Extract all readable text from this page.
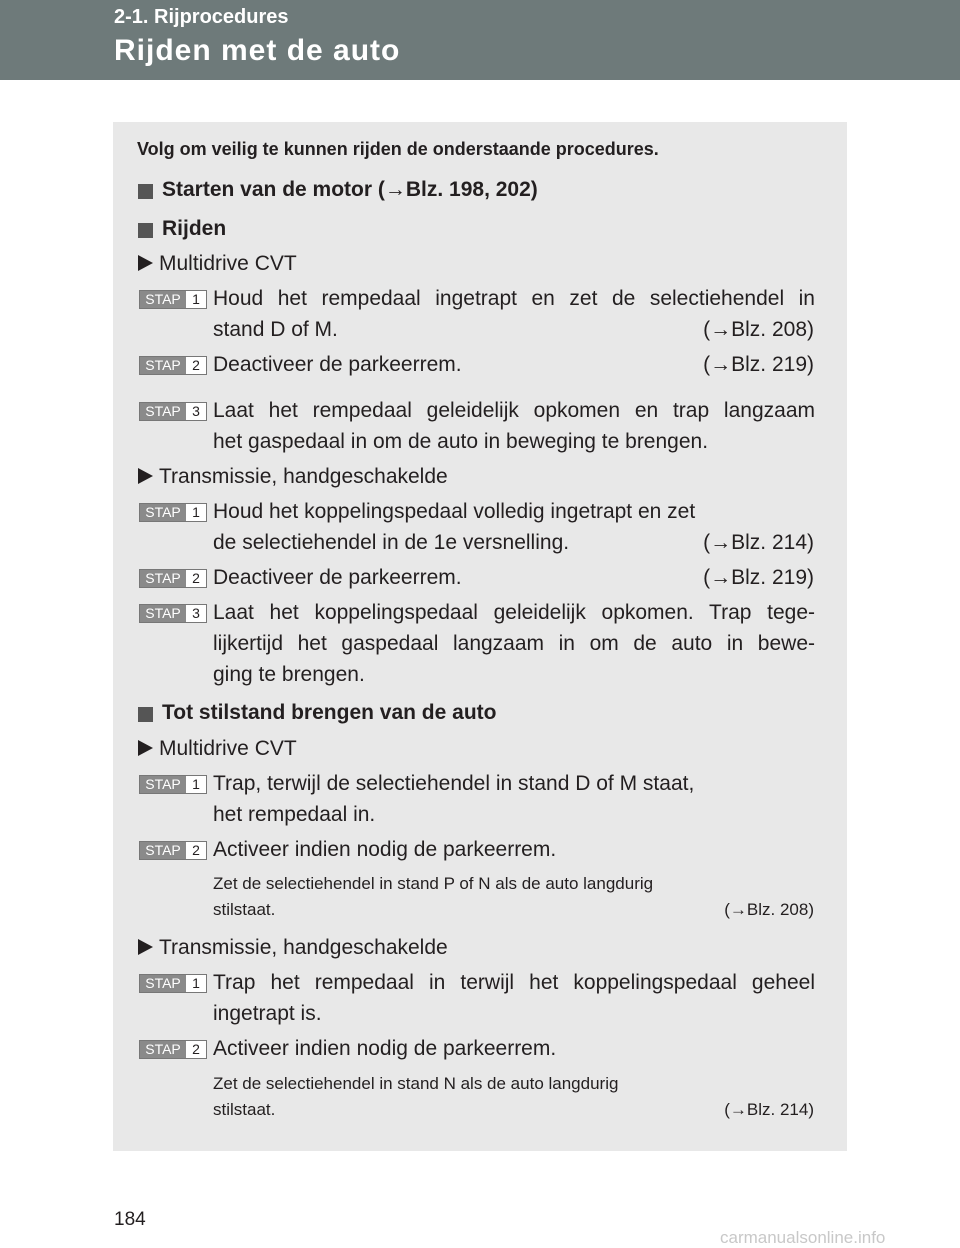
2-1. Rijprocedures
Rijden met de auto
Volg om veilig te kunnen rijden de onderstaande procedures.
Starten van de motor (→Blz. 198, 202)
Rijden
Multidrive CVT
STAP 1 Houd het rempedaal ingetrapt en zet de selectiehendel in
stand D of M.	(→Blz. 208)
STAP 2 Deactiveer de parkeerrem.	(→Blz. 219)
STAP 3 Laat het rempedaal geleidelijk opkomen en trap langzaam
het gaspedaal in om de auto in beweging te brengen.
Transmissie, handgeschakelde
STAP 1 Houd het koppelingspedaal volledig ingetrapt en zet
de selectiehendel in de 1e versnelling.	(→Blz. 214)
STAP 2 Deactiveer de parkeerrem.	(→Blz. 219)
STAP 3 Laat het koppelingspedaal geleidelijk opkomen. Trap tege-
lijkertijd het gaspedaal langzaam in om de auto in bewe-
ging te brengen.
Tot stilstand brengen van de auto
Multidrive CVT
STAP 1 Trap, terwijl de selectiehendel in stand D of M staat,
het rempedaal in.
STAP 2 Activeer indien nodig de parkeerrem.
Zet de selectiehendel in stand P of N als de auto langdurig
stilstaat.	(→Blz. 208)
Transmissie, handgeschakelde
STAP 1 Trap het rempedaal in terwijl het koppelingspedaal geheel
ingetrapt is.
STAP 2 Activeer indien nodig de parkeerrem.
Zet de selectiehendel in stand N als de auto langdurig
stilstaat.	(→Blz. 214)
184
carmanualsonline.info
